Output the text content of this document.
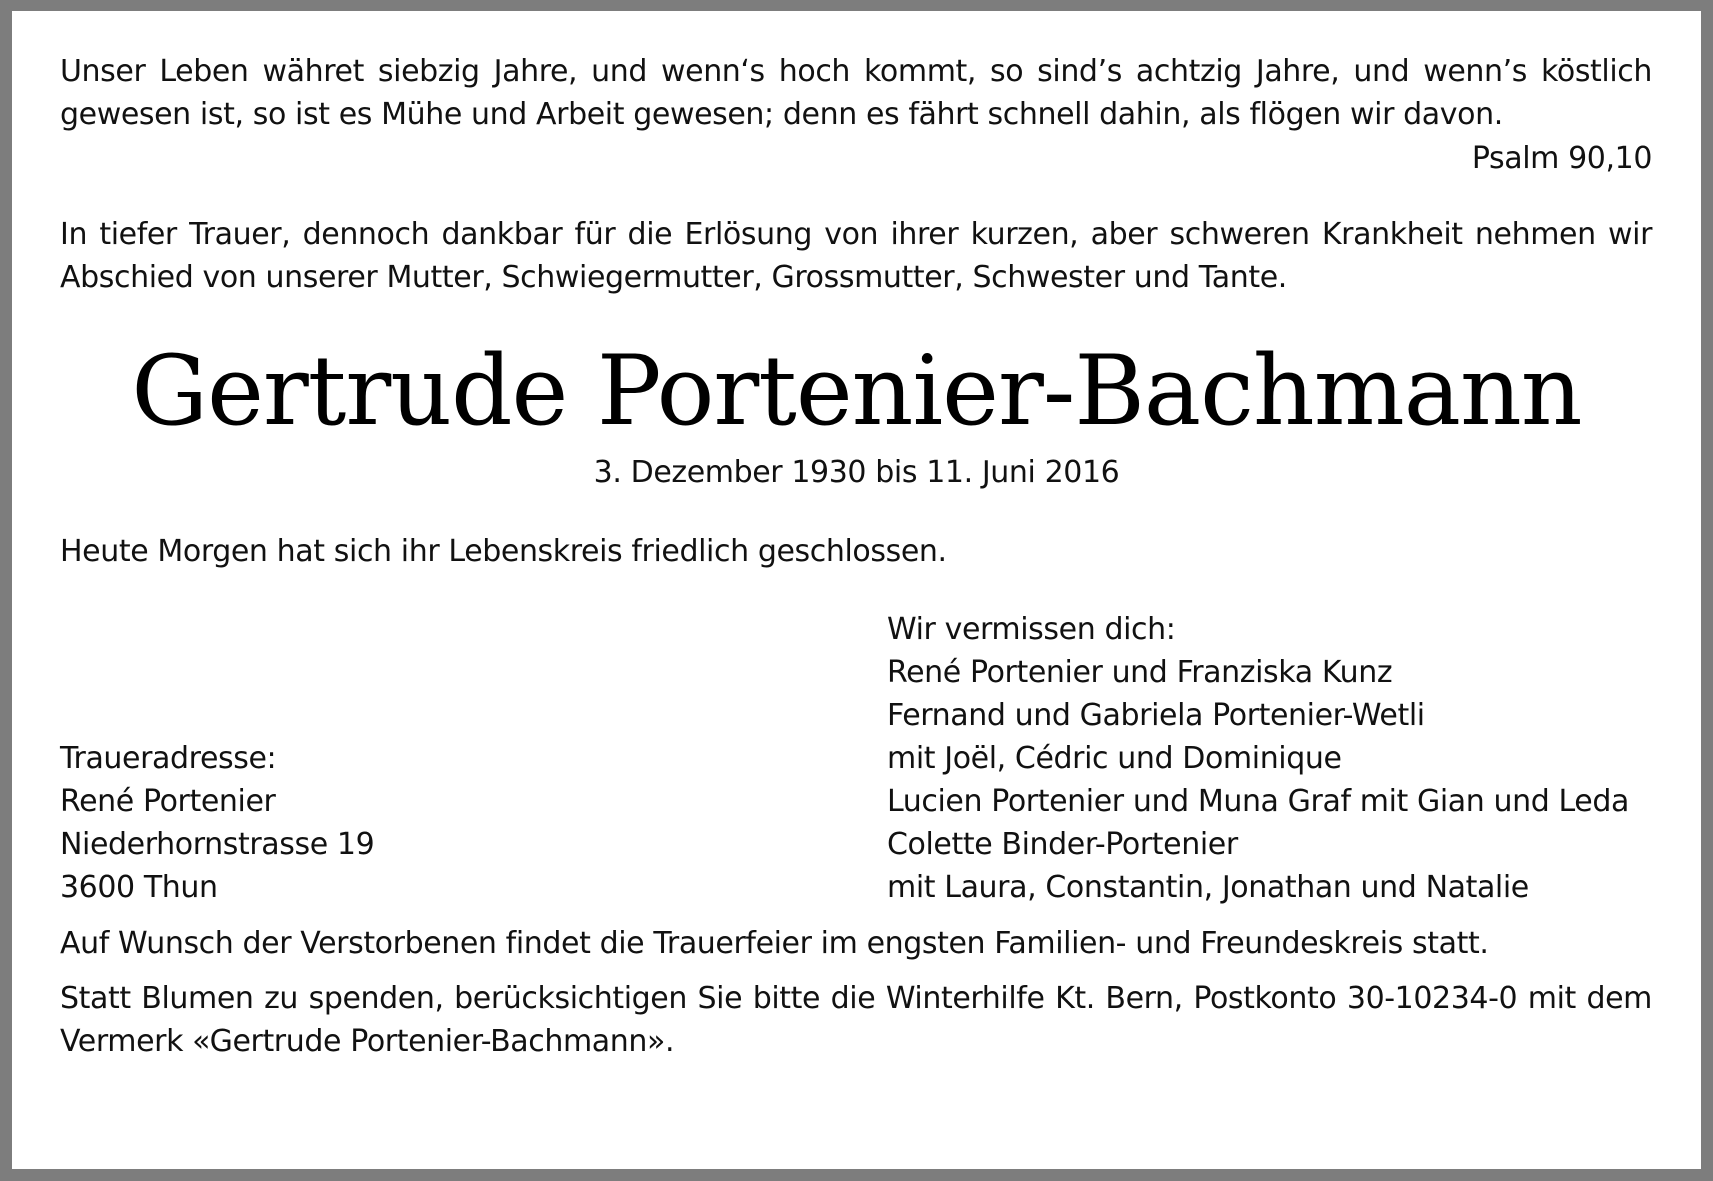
Unser Leben währet siebzig Jahre, und wenn‘s hoch kommt, so sind’s achtzig Jahre, und wenn’s köstlich gewesen ist, so ist es Mühe und Arbeit gewesen; denn es fährt schnell dahin, als flögen wir davon.

Psalm 90,10

In tiefer Trauer, dennoch dankbar für die Erlösung von ihrer kurzen, aber schweren Krankheit nehmen wir Abschied von unserer Mutter, Schwiegermutter, Grossmutter, Schwester und Tante.

Gertrude Portenier-Bachmann

3. Dezember 1930 bis 11. Juni 2016

Heute Morgen hat sich ihr Lebenskreis friedlich geschlossen.

Wir vermissen dich:
René Portenier und Franziska Kunz
Fernand und Gabriela Portenier-Wetli
mit Joël, Cédric und Dominique
Lucien Portenier und Muna Graf mit Gian und Leda
Colette Binder-Portenier
mit Laura, Constantin, Jonathan und Natalie
Traueradresse:
René Portenier
Niederhornstrasse 19
3600 Thun

Auf Wunsch der Verstorbenen findet die Trauerfeier im engsten Familien- und Freundeskreis statt.

Statt Blumen zu spenden, berücksichtigen Sie bitte die Winterhilfe Kt. Bern, Postkonto 30-10234-0 mit dem Vermerk «Gertrude Portenier-Bachmann».
